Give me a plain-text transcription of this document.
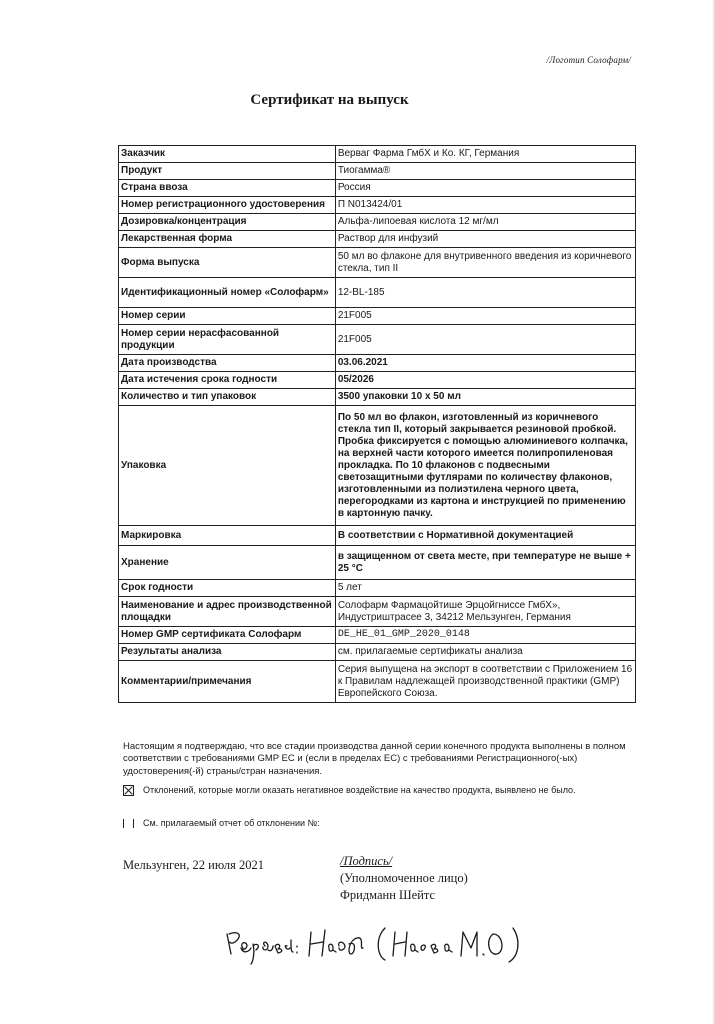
/Логотип Солофарм/
Сертификат на выпуск
Заказчик	Верваг Фарма ГмбХ и Ко. КГ, Германия
Продукт	Тиогамма®
Страна ввоза	Россия
Номер регистрационного удостоверения	П N013424/01
Дозировка/концентрация	Альфа-липоевая кислота 12 мг/мл
Лекарственная форма	Раствор для инфузий
Форма выпуска	50 мл во флаконе для внутривенного введения из коричневого стекла, тип II
Идентификационный номер «Солофарм»	12-BL-185
Номер серии	21F005
Номер серии нерасфасованной продукции	21F005
Дата производства	03.06.2021
Дата истечения срока годности	05/2026
Количество и тип упаковок	3500 упаковки 10 х 50 мл
Упаковка	По 50 мл во флакон, изготовленный из коричневого стекла тип II, который закрывается резиновой пробкой. Пробка фиксируется с помощью алюминиевого колпачка, на верхней части которого имеется полипропиленовая прокладка. По 10 флаконов с подвесными светозащитными футлярами по количеству флаконов, изготовленными из полиэтилена черного цвета, перегородками из картона и инструкцией по применению в картонную пачку.
Маркировка	В соответствии с Нормативной документацией
Хранение	в защищенном от света месте, при температуре не выше + 25 °С
Срок годности	5 лет
Наименование и адрес производственной площадки	Солофарм Фармацойтише Эрцойгниссе ГмбХ», Индустриштрасее 3, 34212 Мельзунген, Германия
Номер GMP сертификата Солофарм	DE_HE_01_GMP_2020_0148
Результаты анализа	см. прилагаемые сертификаты анализа
Комментарии/примечания	Серия выпущена на экспорт в соответствии с Приложением 16 к Правилам надлежащей производственной практики (GMP) Европейского Союза.
Настоящим я подтверждаю, что все стадии производства данной серии конечного продукта выполнены в полном соответствии с требованиями GMP ЕС и (если в пределах ЕС) с требованиями Регистрационного(-ых) удостоверения(-й) страны/стран назначения.
Отклонений, которые могли оказать негативное воздействие на качество продукта, выявлено не было.
См. прилагаемый отчет об отклонении №:
Мельзунген, 22 июля 2021	/Подпись/
(Уполномоченное лицо)
Фридманн Шейтс
